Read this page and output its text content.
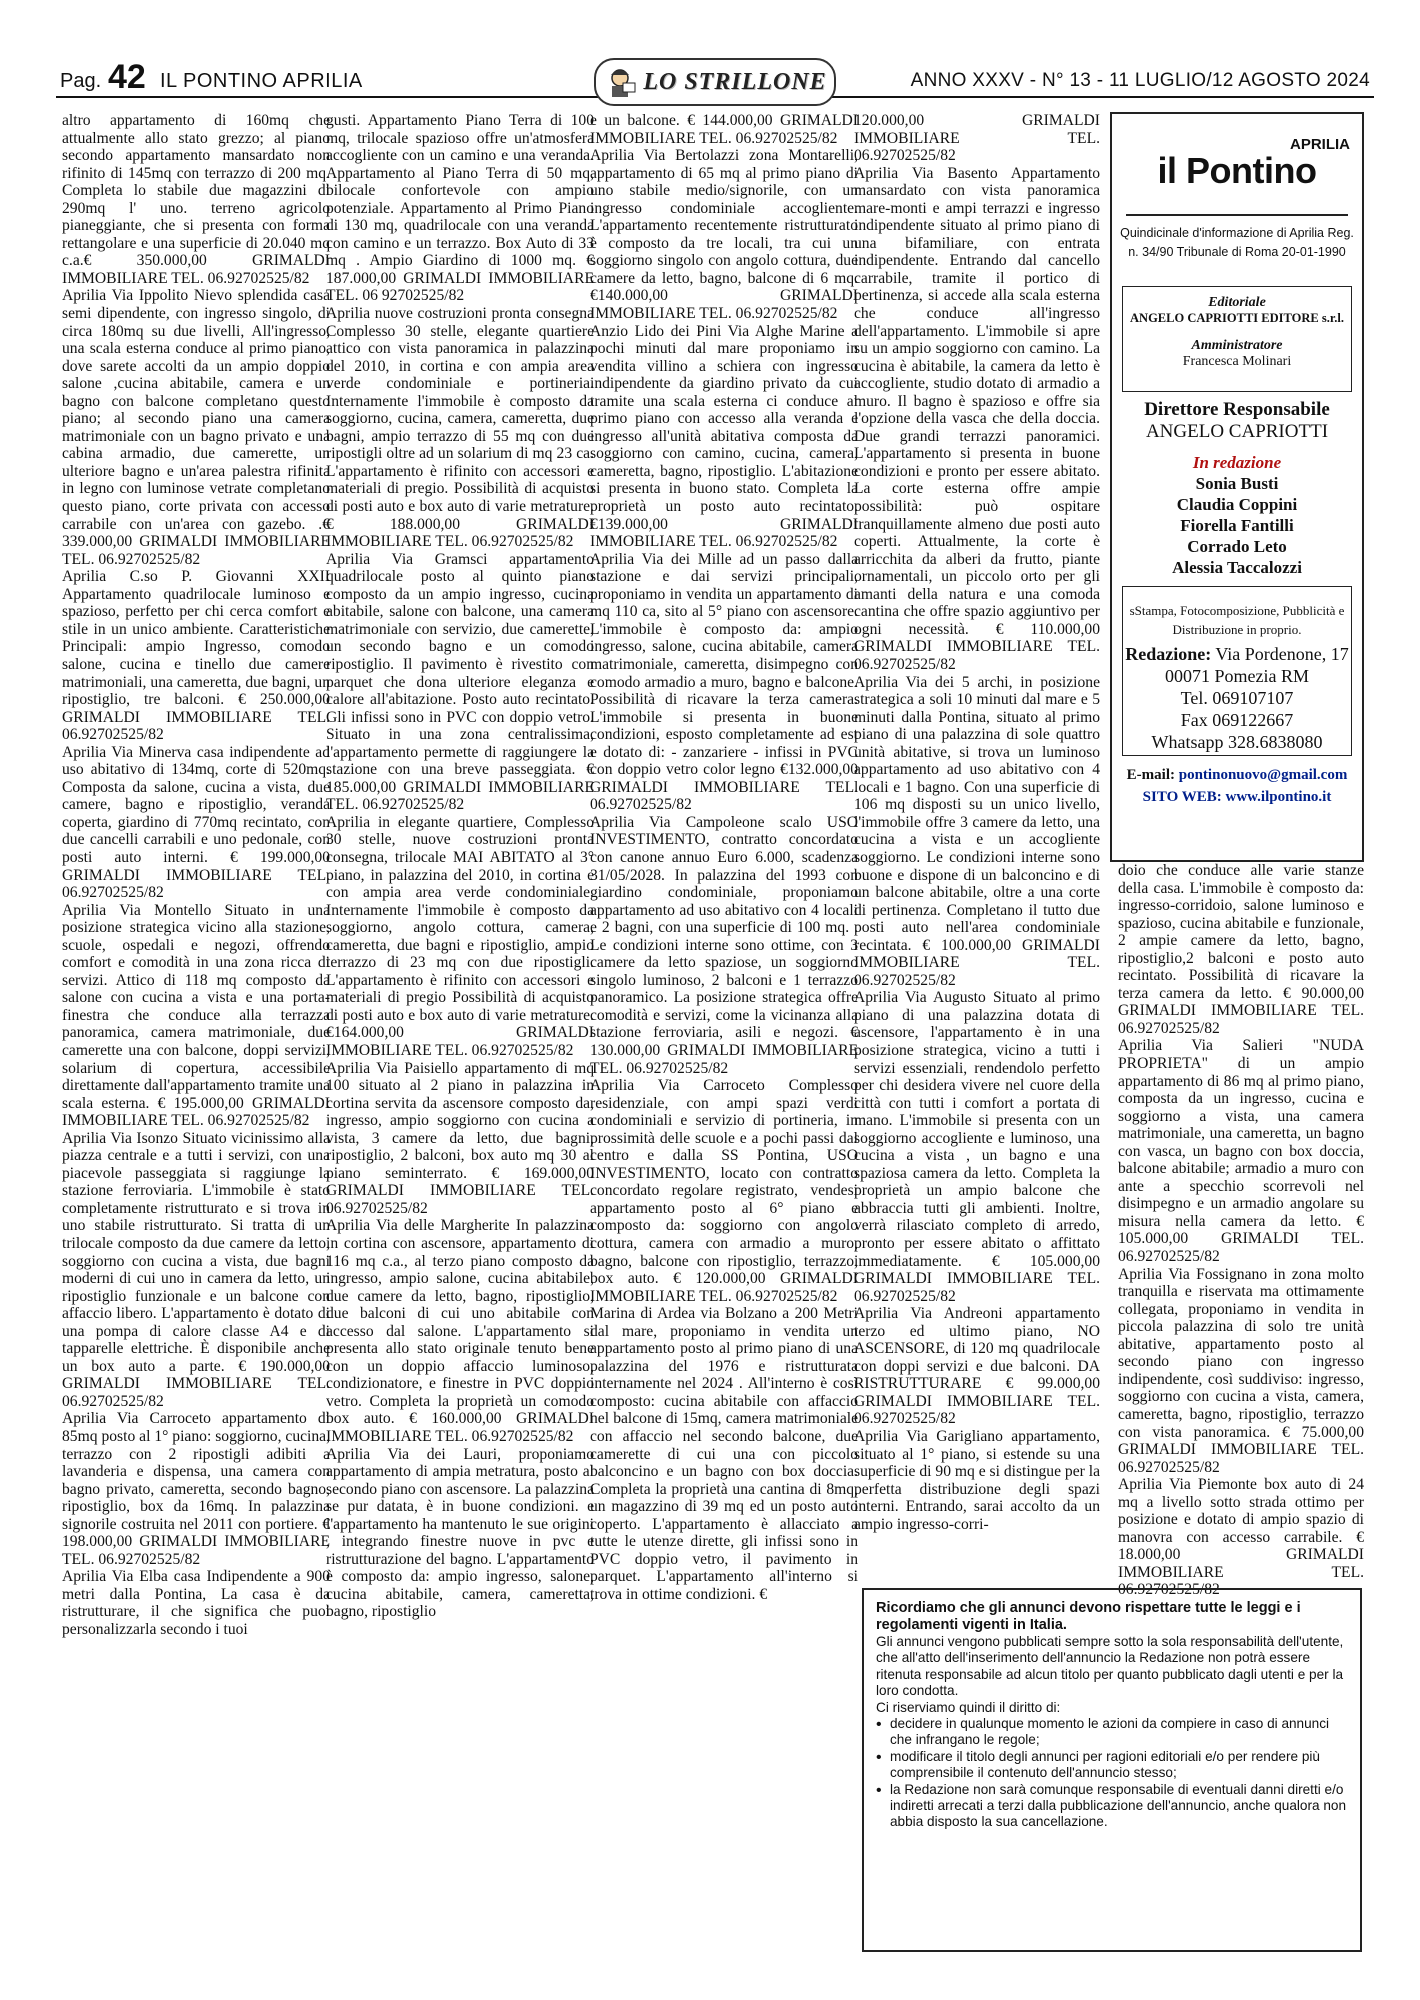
Pag. 42 IL PONTINO APRILIA	ANNO XXXV - N° 13 - 11 LUGLIO/12 AGOSTO 2024
LO STRILLONE

altro appartamento di 160mq che attualmente allo stato grezzo; al piano secondo appartamento mansardato non rifinito di 145mq con terrazzo di 200 mq. Completa lo stabile due magazzini di 290mq l' uno. terreno agricolo pianeggiante, che si presenta con forma rettangolare e una superficie di 20.040 mq c.a.€ 350.000,00 GRIMALDI IMMOBILIARE TEL. 06.92702525/82

Aprilia Via Ippolito Nievo splendida casa semi dipendente, con ingresso singolo, di circa 180mq su due livelli, All'ingresso, una scala esterna conduce al primo piano, dove sarete accolti da un ampio doppio salone ,cucina abitabile, camera e un bagno con balcone completano questo piano; al secondo piano una camera matrimoniale con un bagno privato e una cabina armadio, due camerette, un ulteriore bagno e un'area palestra rifinita in legno con luminose vetrate completano questo piano, corte privata con accesso carrabile con un'area con gazebo. .€ 339.000,00 GRIMALDI IMMOBILIARE TEL. 06.92702525/82

Aprilia C.so P. Giovanni XXII Appartamento quadrilocale luminoso e spazioso, perfetto per chi cerca comfort e stile in un unico ambiente. Caratteristiche Principali: ampio Ingresso, comodo salone, cucina e tinello due camere matrimoniali, una cameretta, due bagni, un ripostiglio, tre balconi. € 250.000,00 GRIMALDI IMMOBILIARE TEL. 06.92702525/82

Aprilia Via Minerva casa indipendente ad uso abitativo di 134mq, corte di 520mq. Composta da salone, cucina a vista, due camere, bagno e ripostiglio, veranda coperta, giardino di 770mq recintato, con due cancelli carrabili e uno pedonale, con posti auto interni. € 199.000,00 GRIMALDI IMMOBILIARE TEL. 06.92702525/82

Aprilia Via Montello Situato in una posizione strategica vicino alla stazione, scuole, ospedali e negozi, offrendo comfort e comodità in una zona ricca di servizi. Attico di 118 mq composto da salone con cucina a vista e una porta-finestra che conduce alla terrazza panoramica, camera matrimoniale, due camerette una con balcone, doppi servizi, solarium di copertura, accessibile direttamente dall'appartamento tramite una scala esterna. € 195.000,00 GRIMALDI IMMOBILIARE TEL. 06.92702525/82

Aprilia Via Isonzo Situato vicinissimo alla piazza centrale e a tutti i servizi, con una piacevole passeggiata si raggiunge la stazione ferroviaria. L'immobile è stato completamente ristrutturato e si trova in uno stabile ristrutturato. Si tratta di un trilocale composto da due camere da letto, soggiorno con cucina a vista, due bagni moderni di cui uno in camera da letto, un ripostiglio funzionale e un balcone con affaccio libero. L'appartamento è dotato di una pompa di calore classe A4 e di tapparelle elettriche. È disponibile anche un box auto a parte. € 190.000,00 GRIMALDI IMMOBILIARE TEL. 06.92702525/82

Aprilia Via Carroceto appartamento di 85mq posto al 1° piano: soggiorno, cucina, terrazzo con 2 ripostigli adibiti a lavanderia e dispensa, una camera con bagno privato, cameretta, secondo bagno, ripostiglio, box da 16mq. In palazzina signorile costruita nel 2011 con portiere. € 198.000,00 GRIMALDI IMMOBILIARE TEL. 06.92702525/82

Aprilia Via Elba casa Indipendente a 900 metri dalla Pontina, La casa è da ristrutturare, il che significa che puoi personalizzarla secondo i tuoi

gusti. Appartamento Piano Terra di 100 mq, trilocale spazioso offre un'atmosfera accogliente con un camino e una veranda. Appartamento al Piano Terra di 50 mq, bilocale confortevole con ampio potenziale. Appartamento al Primo Piano di 130 mq, quadrilocale con una veranda con camino e un terrazzo. Box Auto di 33 mq . Ampio Giardino di 1000 mq. € 187.000,00 GRIMALDI IMMOBILIARE TEL. 06 92702525/82

Aprilia nuove costruzioni pronta consegna Complesso 30 stelle, elegante quartiere attico con vista panoramica in palazzina del 2010, in cortina e con ampia area verde condominiale e portineria. Internamente l'immobile è composto da soggiorno, cucina, camera, cameretta, due bagni, ampio terrazzo di 55 mq con due ripostigli oltre ad un solarium di mq 23 ca. L'appartamento è rifinito con accessori e materiali di pregio. Possibilità di acquisto di posti auto e box auto di varie metrature. € 188.000,00 GRIMALDI IMMOBILIARE TEL. 06.92702525/82

Aprilia Via Gramsci appartamento quadrilocale posto al quinto piano composto da un ampio ingresso, cucina abitabile, salone con balcone, una camera matrimoniale con servizio, due camerette, un secondo bagno e un comodo ripostiglio. Il pavimento è rivestito con parquet che dona ulteriore eleganza e calore all'abitazione. Posto auto recintato. Gli infissi sono in PVC con doppio vetro. Situato in una zona centralissima, l'appartamento permette di raggiungere la stazione con una breve passeggiata. € 185.000,00 GRIMALDI IMMOBILIARE TEL. 06.92702525/82

Aprilia in elegante quartiere, Complesso 30 stelle, nuove costruzioni pronta consegna, trilocale MAI ABITATO al 3° piano, in palazzina del 2010, in cortina e con ampia area verde condominiale. Internamente l'immobile è composto da soggiorno, angolo cottura, camera, cameretta, due bagni e ripostiglio, ampio terrazzo di 23 mq con due ripostigli. L'appartamento è rifinito con accessori e materiali di pregio Possibilità di acquisto di posti auto e box auto di varie metrature. €164.000,00 GRIMALDI IMMOBILIARE TEL. 06.92702525/82

Aprilia Via Paisiello appartamento di mq 100 situato al 2 piano in palazzina in cortina servita da ascensore composto da, ingresso, ampio soggiorno con cucina a vista, 3 camere da letto, due bagni, ripostiglio, 2 balconi, box auto mq 30 al piano seminterrato. € 169.000,00 GRIMALDI IMMOBILIARE TEL. 06.92702525/82

Aprilia Via delle Margherite In palazzina in cortina con ascensore, appartamento di 116 mq c.a., al terzo piano composto da ingresso, ampio salone, cucina abitabile, due camere da letto, bagno, ripostiglio, due balconi di cui uno abitabile con accesso dal salone. L'appartamento si presenta allo stato originale tenuto bene con un doppio affaccio luminoso, condizionatore, e finestre in PVC doppio vetro. Completa la proprietà un comodo box auto. € 160.000,00 GRIMALDI IMMOBILIARE TEL. 06.92702525/82

Aprilia Via dei Lauri, proponiamo appartamento di ampia metratura, posto al secondo piano con ascensore. La palazzina se pur datata, è in buone condizioni. e l'appartamento ha mantenuto le sue origini , integrando finestre nuove in pvc e ristrutturazione del bagno. L'appartamento è composto da: ampio ingresso, salone, cucina abitabile, camera, cameretta, bagno, ripostiglio

e un balcone. € 144.000,00 GRIMALDI IMMOBILIARE TEL. 06.92702525/82

Aprilia Via Bertolazzi zona Montarelli, appartamento di 65 mq al primo piano di uno stabile medio/signorile, con un ingresso condominiale accogliente. L'appartamento recentemente ristrutturato è composto da tre locali, tra cui un soggiorno singolo con angolo cottura, due camere da letto, bagno, balcone di 6 mq. €140.000,00 GRIMALDI IMMOBILIARE TEL. 06.92702525/82

Anzio Lido dei Pini Via Alghe Marine a pochi minuti dal mare proponiamo in vendita villino a schiera con ingresso indipendente da giardino privato da cui tramite una scala esterna ci conduce al primo piano con accesso alla veranda e ingresso all'unità abitativa composta da soggiorno con camino, cucina, camera, cameretta, bagno, ripostiglio. L'abitazione si presenta in buono stato. Completa la proprietà un posto auto recintato. €139.000,00 GRIMALDI IMMOBILIARE TEL. 06.92702525/82

Aprilia Via dei Mille ad un passo dalla stazione e dai servizi principali, proponiamo in vendita un appartamento di mq 110 ca, sito al 5° piano con ascensore. L'immobile è composto da: ampio ingresso, salone, cucina abitabile, camera matrimoniale, cameretta, disimpegno con comodo armadio a muro, bagno e balcone. Possibilità di ricavare la terza camera. L'immobile si presenta in buone condizioni, esposto completamente ad est e dotato di: - zanzariere - infissi in PVC con doppio vetro color legno €132.000,00 GRIMALDI IMMOBILIARE TEL. 06.92702525/82

Aprilia Via Campoleone scalo USO INVESTIMENTO, contratto concordato con canone annuo Euro 6.000, scadenza 31/05/2028. In palazzina del 1993 con giardino condominiale, proponiamo appartamento ad uso abitativo con 4 locali e 2 bagni, con una superficie di 100 mq. . Le condizioni interne sono ottime, con 3 camere da letto spaziose, un soggiorno singolo luminoso, 2 balconi e 1 terrazzo panoramico. La posizione strategica offre comodità e servizi, come la vicinanza alla stazione ferroviaria, asili e negozi. € 130.000,00 GRIMALDI IMMOBILIARE TEL. 06.92702525/82

Aprilia Via Carroceto Complesso residenziale, con ampi spazi verdi condominiali e servizio di portineria, in prossimità delle scuole e a pochi passi dal centro e dalla SS Pontina, USO INVESTIMENTO, locato con contratto concordato regolare registrato, vendesi appartamento posto al 6° piano e composto da: soggiorno con angolo cottura, camera con armadio a muro, bagno, balcone con ripostiglio, terrazzo, box auto. € 120.000,00 GRIMALDI IMMOBILIARE TEL. 06.92702525/82

Marina di Ardea via Bolzano a 200 Metri dal mare, proponiamo in vendita un appartamento posto al primo piano di una palazzina del 1976 e ristrutturata internamente nel 2024 . All'interno è così composto: cucina abitabile con affaccio nel balcone di 15mq, camera matrimoniale con affaccio nel secondo balcone, due camerette di cui una con piccolo balconcino e un bagno con box doccia. Completa la proprietà una cantina di 8mq, un magazzino di 39 mq ed un posto auto coperto. L'appartamento è allacciato a tutte le utenze dirette, gli infissi sono in PVC doppio vetro, il pavimento in parquet. L'appartamento all'interno si trova in ottime condizioni. €

120.000,00 GRIMALDI IMMOBILIARE TEL. 06.92702525/82

Aprilia Via Basento Appartamento mansardato con vista panoramica mare-monti e ampi terrazzi e ingresso indipendente situato al primo piano di una bifamiliare, con entrata indipendente. Entrando dal cancello carrabile, tramite il portico di pertinenza, si accede alla scala esterna che conduce all'ingresso dell'appartamento. L'immobile si apre su un ampio soggiorno con camino. La cucina è abitabile, la camera da letto è accogliente, studio dotato di armadio a muro. Il bagno è spazioso e offre sia l'opzione della vasca che della doccia. Due grandi terrazzi panoramici. L'appartamento si presenta in buone condizioni e pronto per essere abitato. La corte esterna offre ampie possibilità: può ospitare tranquillamente almeno due posti auto coperti. Attualmente, la corte è arricchita da alberi da frutto, piante ornamentali, un piccolo orto per gli amanti della natura e una comoda cantina che offre spazio aggiuntivo per ogni necessità. € 110.000,00 GRIMALDI IMMOBILIARE TEL. 06.92702525/82

Aprilia Via dei 5 archi, in posizione strategica a soli 10 minuti dal mare e 5 minuti dalla Pontina, situato al primo piano di una palazzina di sole quattro unità abitative, si trova un luminoso appartamento ad uso abitativo con 4 locali e 1 bagno. Con una superficie di 106 mq disposti su un unico livello, l'immobile offre 3 camere da letto, una cucina a vista e un accogliente soggiorno. Le condizioni interne sono buone e dispone di un balconcino e di un balcone abitabile, oltre a una corte di pertinenza. Completano il tutto due posti auto nell'area condominiale recintata. € 100.000,00 GRIMALDI IMMOBILIARE TEL. 06.92702525/82

Aprilia Via Augusto Situato al primo piano di una palazzina dotata di ascensore, l'appartamento è in una posizione strategica, vicino a tutti i servizi essenziali, rendendolo perfetto per chi desidera vivere nel cuore della città con tutti i comfort a portata di mano. L'immobile si presenta con un soggiorno accogliente e luminoso, una cucina a vista , un bagno e una spaziosa camera da letto. Completa la proprietà un ampio balcone che abbraccia tutti gli ambienti. Inoltre, verrà rilasciato completo di arredo, pronto per essere abitato o affittato immediatamente. € 105.000,00 GRIMALDI IMMOBILIARE TEL. 06.92702525/82

Aprilia Via Andreoni appartamento terzo ed ultimo piano, NO ASCENSORE, di 120 mq quadrilocale con doppi servizi e due balconi. DA RISTRUTTURARE € 99.000,00 GRIMALDI IMMOBILIARE TEL. 06.92702525/82

Aprilia Via Garigliano appartamento, situato al 1° piano, si estende su una superficie di 90 mq e si distingue per la perfetta distribuzione degli spazi interni. Entrando, sarai accolto da un ampio ingresso-corri-

doio che conduce alle varie stanze della casa. L'immobile è composto da: ingresso-corridoio, salone luminoso e spazioso, cucina abitabile e funzionale, 2 ampie camere da letto, bagno, ripostiglio,2 balconi e posto auto recintato. Possibilità di ricavare la terza camera da letto. € 90.000,00 GRIMALDI IMMOBILIARE TEL. 06.92702525/82

Aprilia Via Salieri "NUDA PROPRIETA" di un ampio appartamento di 86 mq al primo piano, composta da un ingresso, cucina e soggiorno a vista, una camera matrimoniale, una cameretta, un bagno con vasca, un bagno con box doccia, balcone abitabile; armadio a muro con ante a specchio scorrevoli nel disimpegno e un armadio angolare su misura nella camera da letto. € 105.000,00 GRIMALDI TEL. 06.92702525/82

Aprilia Via Fossignano in zona molto tranquilla e riservata ma ottimamente collegata, proponiamo in vendita in piccola palazzina di solo tre unità abitative, appartamento posto al secondo piano con ingresso indipendente, così suddiviso: ingresso, soggiorno con cucina a vista, camera, cameretta, bagno, ripostiglio, terrazzo con vista panoramica. € 75.000,00 GRIMALDI IMMOBILIARE TEL. 06.92702525/82

Aprilia Via Piemonte box auto di 24 mq a livello sotto strada ottimo per posizione e dotato di ampio spazio di manovra con accesso carrabile. € 18.000,00 GRIMALDI IMMOBILIARE TEL. 06.92702525/82

APRILIA
il Pontino
Quindicinale d'informazione di Aprilia Reg. n. 34/90 Tribunale di Roma 20-01-1990
Editoriale
ANGELO CAPRIOTTI EDITORE s.r.l.
Amministratore
Francesca Molinari
Direttore Responsabile
ANGELO CAPRIOTTI
In redazione
Sonia Busti
Claudia Coppini
Fiorella Fantilli
Corrado Leto
Alessia Taccalozzi
sStampa, Fotocomposizione, Pubblicità e Distribuzione in proprio.
Redazione: Via Pordenone, 17
00071 Pomezia RM
Tel. 069107107
Fax 069122667
Whatsapp 328.6838080
E-mail: pontinonuovo@gmail.com
SITO WEB: www.ilpontino.it
Ricordiamo che gli annunci devono rispettare tutte le leggi e i regolamenti vigenti in Italia.

Gli annunci vengono pubblicati sempre sotto la sola responsabilità dell'utente, che all'atto dell'inserimento dell'annuncio la Redazione non potrà essere ritenuta responsabile ad alcun titolo per quanto pubblicato dagli utenti e per la loro condotta.

Ci riserviamo quindi il diritto di:

• decidere in qualunque momento le azioni da compiere in caso di annunci che infrangano le regole;

• modificare il titolo degli annunci per ragioni editoriali e/o per rendere più comprensibile il contenuto dell'annuncio stesso;

• la Redazione non sarà comunque responsabile di eventuali danni diretti e/o indiretti arrecati a terzi dalla pubblicazione dell'annuncio, anche qualora non abbia disposto la sua cancellazione.
